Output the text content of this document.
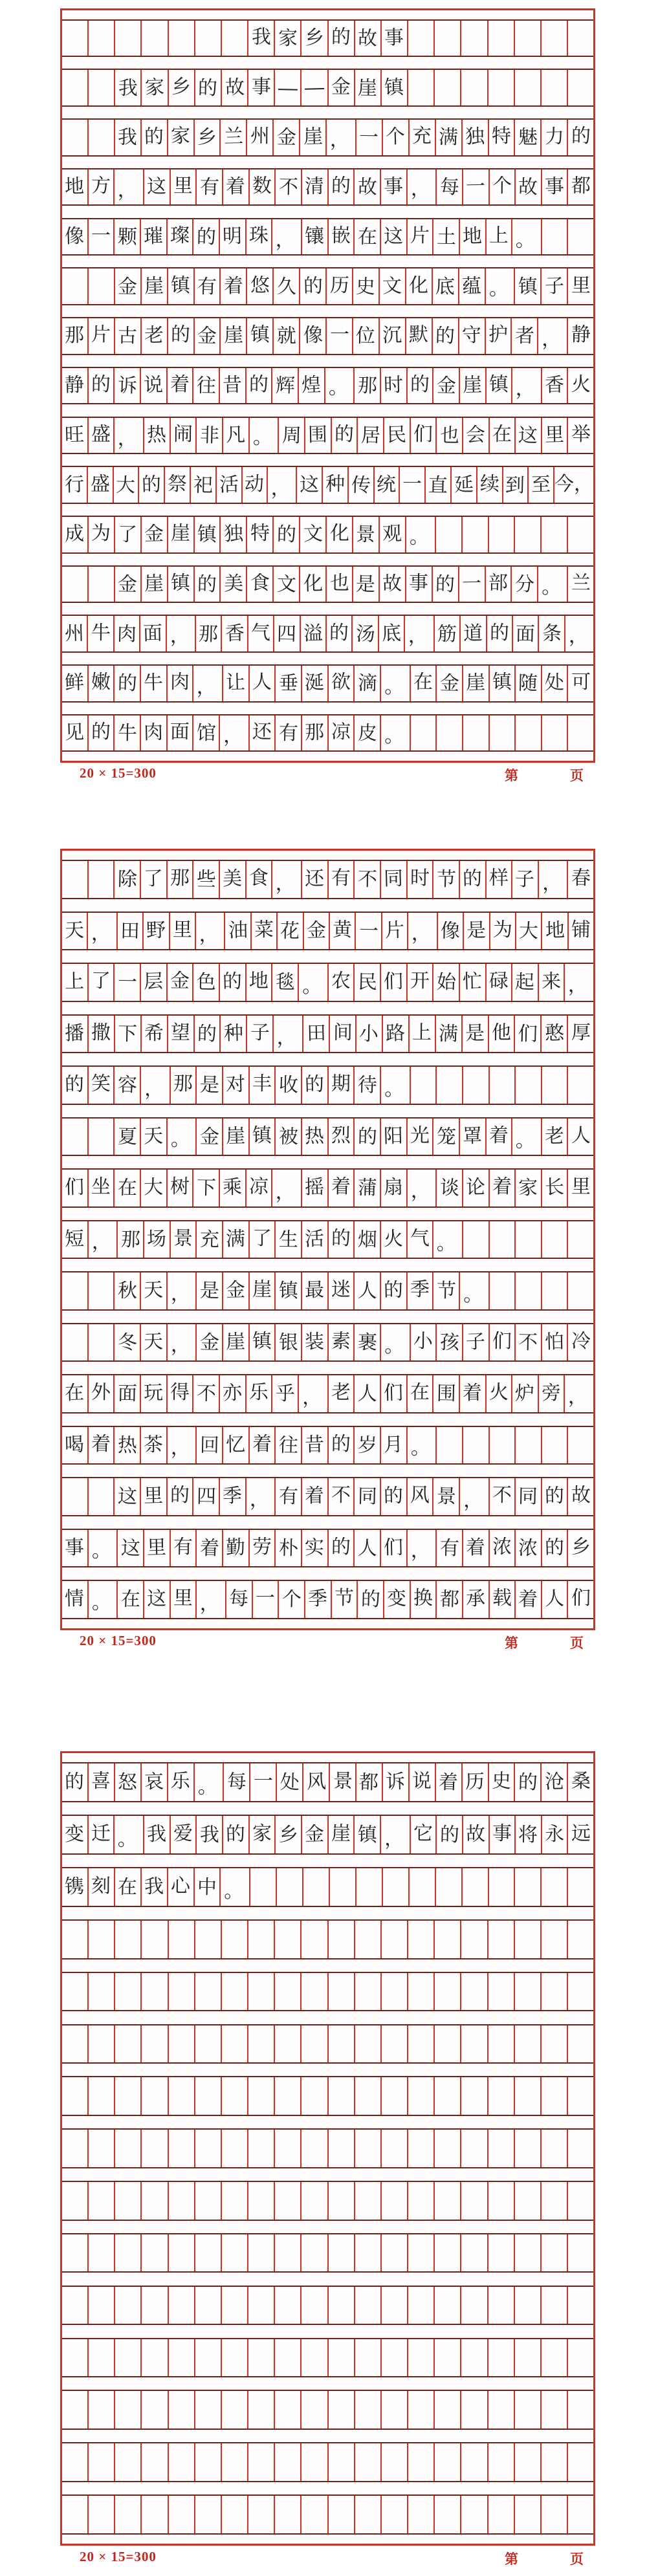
我 家 乡 的 故 事
我 家 乡 的 故 事 — — 金 崖 镇
我 的 家 乡 兰 州 金 崖 ， 一 个 充 满 独 特 魅 力 的
地 方 ， 这 里 有 着 数 不 清 的 故 事 ， 每 一 个 故 事 都
像 一 颗 璀 璨 的 明 珠 ， 镶 嵌 在 这 片 土 地 上 。
金 崖 镇 有 着 悠 久 的 历 史 文 化 底 蕴 。 镇 子 里
那 片 古 老 的 金 崖 镇 就 像 一 位 沉 默 的 守 护 者 ， 静
静 的 诉 说 着 往 昔 的 辉 煌 。 那 时 的 金 崖 镇 ， 香 火
旺 盛 ， 热 闹 非 凡 。 周 围 的 居 民 们 也 会 在 这 里 举
行 盛 大 的 祭 祀 活 动 ， 这 种 传 统 一 直 延 续 到 至 今，
成 为 了 金 崖 镇 独 特 的 文 化 景 观 。
金 崖 镇 的 美 食 文 化 也 是 故 事 的 一 部 分 。 兰
州 牛 肉 面 ， 那 香 气 四 溢 的 汤 底 ， 筋 道 的 面 条 ，
鲜 嫩 的 牛 肉 ， 让 人 垂 涎 欲 滴 。 在 金 崖 镇 随 处 可
见 的 牛 肉 面 馆 ， 还 有 那 凉 皮 。
20 × 15=300	第	页
除 了 那 些 美 食 ， 还 有 不 同 时 节 的 样 子 ， 春
天 ， 田 野 里 ， 油 菜 花 金 黄 一 片 ， 像 是 为 大 地 铺
上 了 一 层 金 色 的 地 毯 。 农 民 们 开 始 忙 碌 起 来 ，
播 撒 下 希 望 的 种 子 ， 田 间 小 路 上 满 是 他 们 憨 厚
的 笑 容 ， 那 是 对 丰 收 的 期 待 。
夏 天 。 金 崖 镇 被 热 烈 的 阳 光 笼 罩 着 。 老 人
们 坐 在 大 树 下 乘 凉 ， 摇 着 蒲 扇 ， 谈 论 着 家 长 里
短 ， 那 场 景 充 满 了 生 活 的 烟 火 气 。
秋 天 ， 是 金 崖 镇 最 迷 人 的 季 节 。
冬 天 ， 金 崖 镇 银 装 素 裹 。 小 孩 子 们 不 怕 冷
在 外 面 玩 得 不 亦 乐 乎 ， 老 人 们 在 围 着 火 炉 旁 ，
喝 着 热 茶 ， 回 忆 着 往 昔 的 岁 月 。
这 里 的 四 季 ， 有 着 不 同 的 风 景 ， 不 同 的 故
事 。 这 里 有 着 勤 劳 朴 实 的 人 们 ， 有 着 浓 浓 的 乡
情 。 在 这 里 ， 每 一 个 季 节 的 变 换 都 承 载 着 人 们
20 × 15=300	第	页
的 喜 怒 哀 乐 。 每 一 处 风 景 都 诉 说 着 历 史 的 沧 桑
变 迁 。 我 爱 我 的 家 乡 金 崖 镇 ， 它 的 故 事 将 永 远
镌 刻 在 我 心 中 。
20 × 15=300	第	页
